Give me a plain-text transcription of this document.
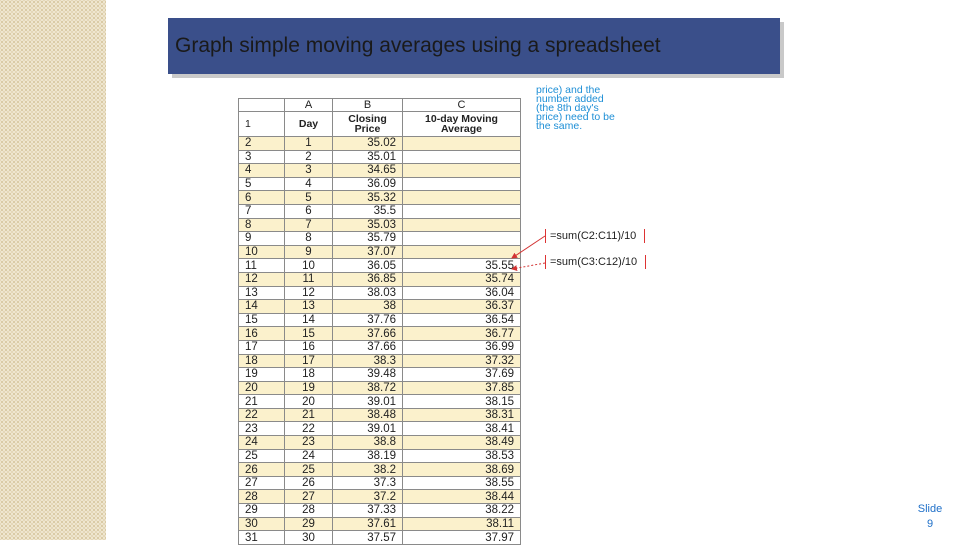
Graph simple moving averages using a spreadsheet
	A	B	C
1	Day	Closing Price	10-day Moving Average
2	1	35.02	
3	2	35.01	
4	3	34.65	
5	4	36.09	
6	5	35.32	
7	6	35.5	
8	7	35.03	
9	8	35.79	
10	9	37.07	
11	10	36.05	35.55
12	11	36.85	35.74
13	12	38.03	36.04
14	13	38	36.37
15	14	37.76	36.54
16	15	37.66	36.77
17	16	37.66	36.99
18	17	38.3	37.32
19	18	39.48	37.69
20	19	38.72	37.85
21	20	39.01	38.15
22	21	38.48	38.31
23	22	39.01	38.41
24	23	38.8	38.49
25	24	38.19	38.53
26	25	38.2	38.69
27	26	37.3	38.55
28	27	37.2	38.44
29	28	37.33	38.22
30	29	37.61	38.11
31	30	37.57	37.97
price) and the
number added
(the 8th day's
price) need to be
the same.
=sum(C2:C11)/10
=sum(C3:C12)/10
Slide
9
